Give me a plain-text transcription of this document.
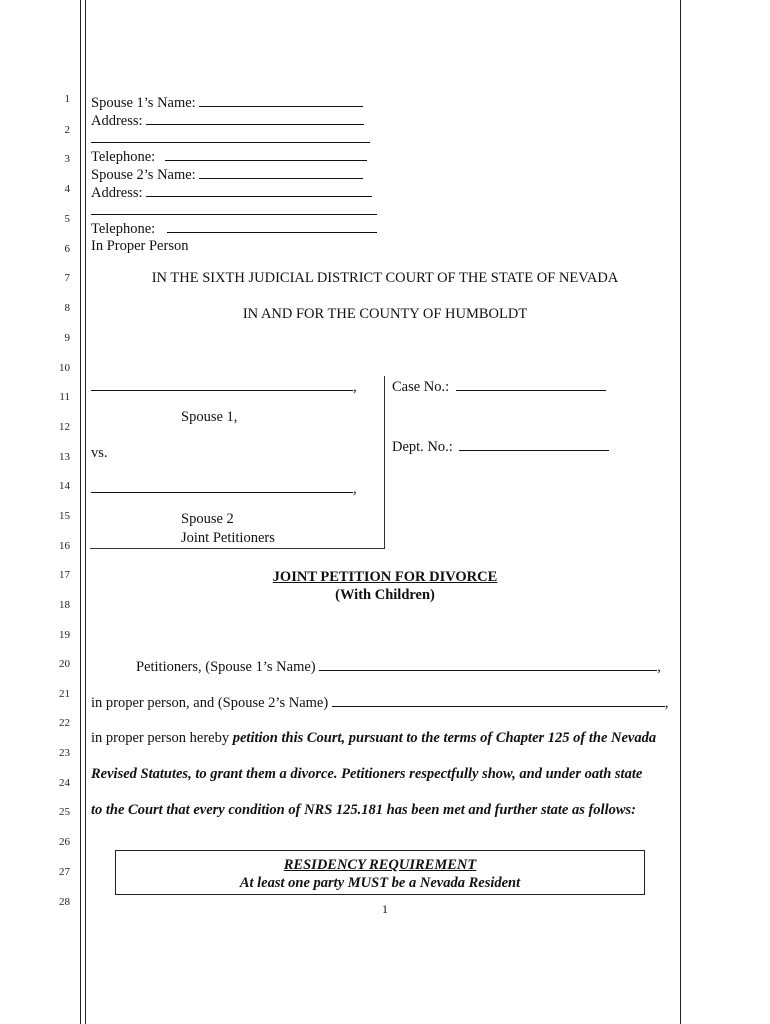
1
2
3
4
5
6
7
8
9
10
11
12
13
14
15
16
17
18
19
20
21
22
23
24
25
26
27
28
Spouse 1’s Name:
Address:
Telephone:
Spouse 2’s Name:
Address:
Telephone:
In Proper Person
IN THE SIXTH JUDICIAL DISTRICT COURT OF THE STATE OF NEVADA
IN AND FOR THE COUNTY OF HUMBOLDT
,
Spouse 1,
vs.
,
Spouse 2
Joint Petitioners
Case No.:
Dept. No.:
JOINT PETITION FOR DIVORCE
(With Children)
Petitioners, (Spouse 1’s Name)	,
in proper person, and (Spouse 2’s Name)	,
in proper person hereby petition this Court, pursuant to the terms of Chapter 125 of the Nevada
Revised Statutes, to grant them a divorce. Petitioners respectfully show, and under oath state
to the Court that every condition of NRS 125.181 has been met and further state as follows:
RESIDENCY REQUIREMENT
At least one party MUST be a Nevada Resident
1
